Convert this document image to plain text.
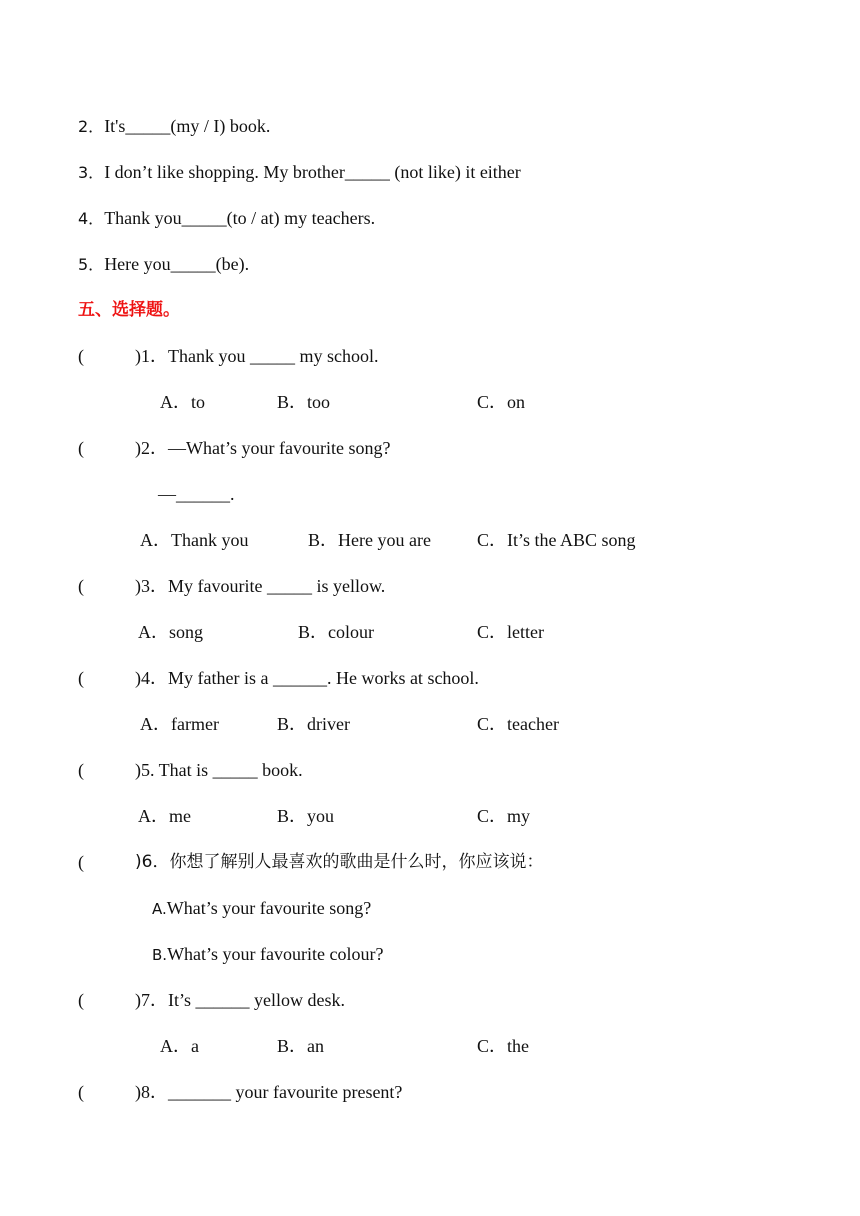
2．It's_____(my / I) book.
3．I don’t like shopping. My brother_____ (not like) it either
4．Thank you_____(to / at) my teachers.
5．Here you_____(be).
五、选择题。
(	)1．Thank you _____ my school.
A．to	B．too	C．on
(	)2．—What’s your favourite song?
—______.
A．Thank you	B．Here you are	C．It’s the ABC song
(	)3．My favourite _____ is yellow.
A．song	B．colour	C．letter
(	)4．My father is a ______. He works at school.
A．farmer	B．driver	C．teacher
(	)5. That is _____ book.
A．me	B．you	C．my
(	)6．你想了解别人最喜欢的歌曲是什么时，你应该说：
A.What’s your favourite song?
B.What’s your favourite colour?
(	)7．It’s ______ yellow desk.
A．a	B．an	C．the
(	)8．_______ your favourite present?
